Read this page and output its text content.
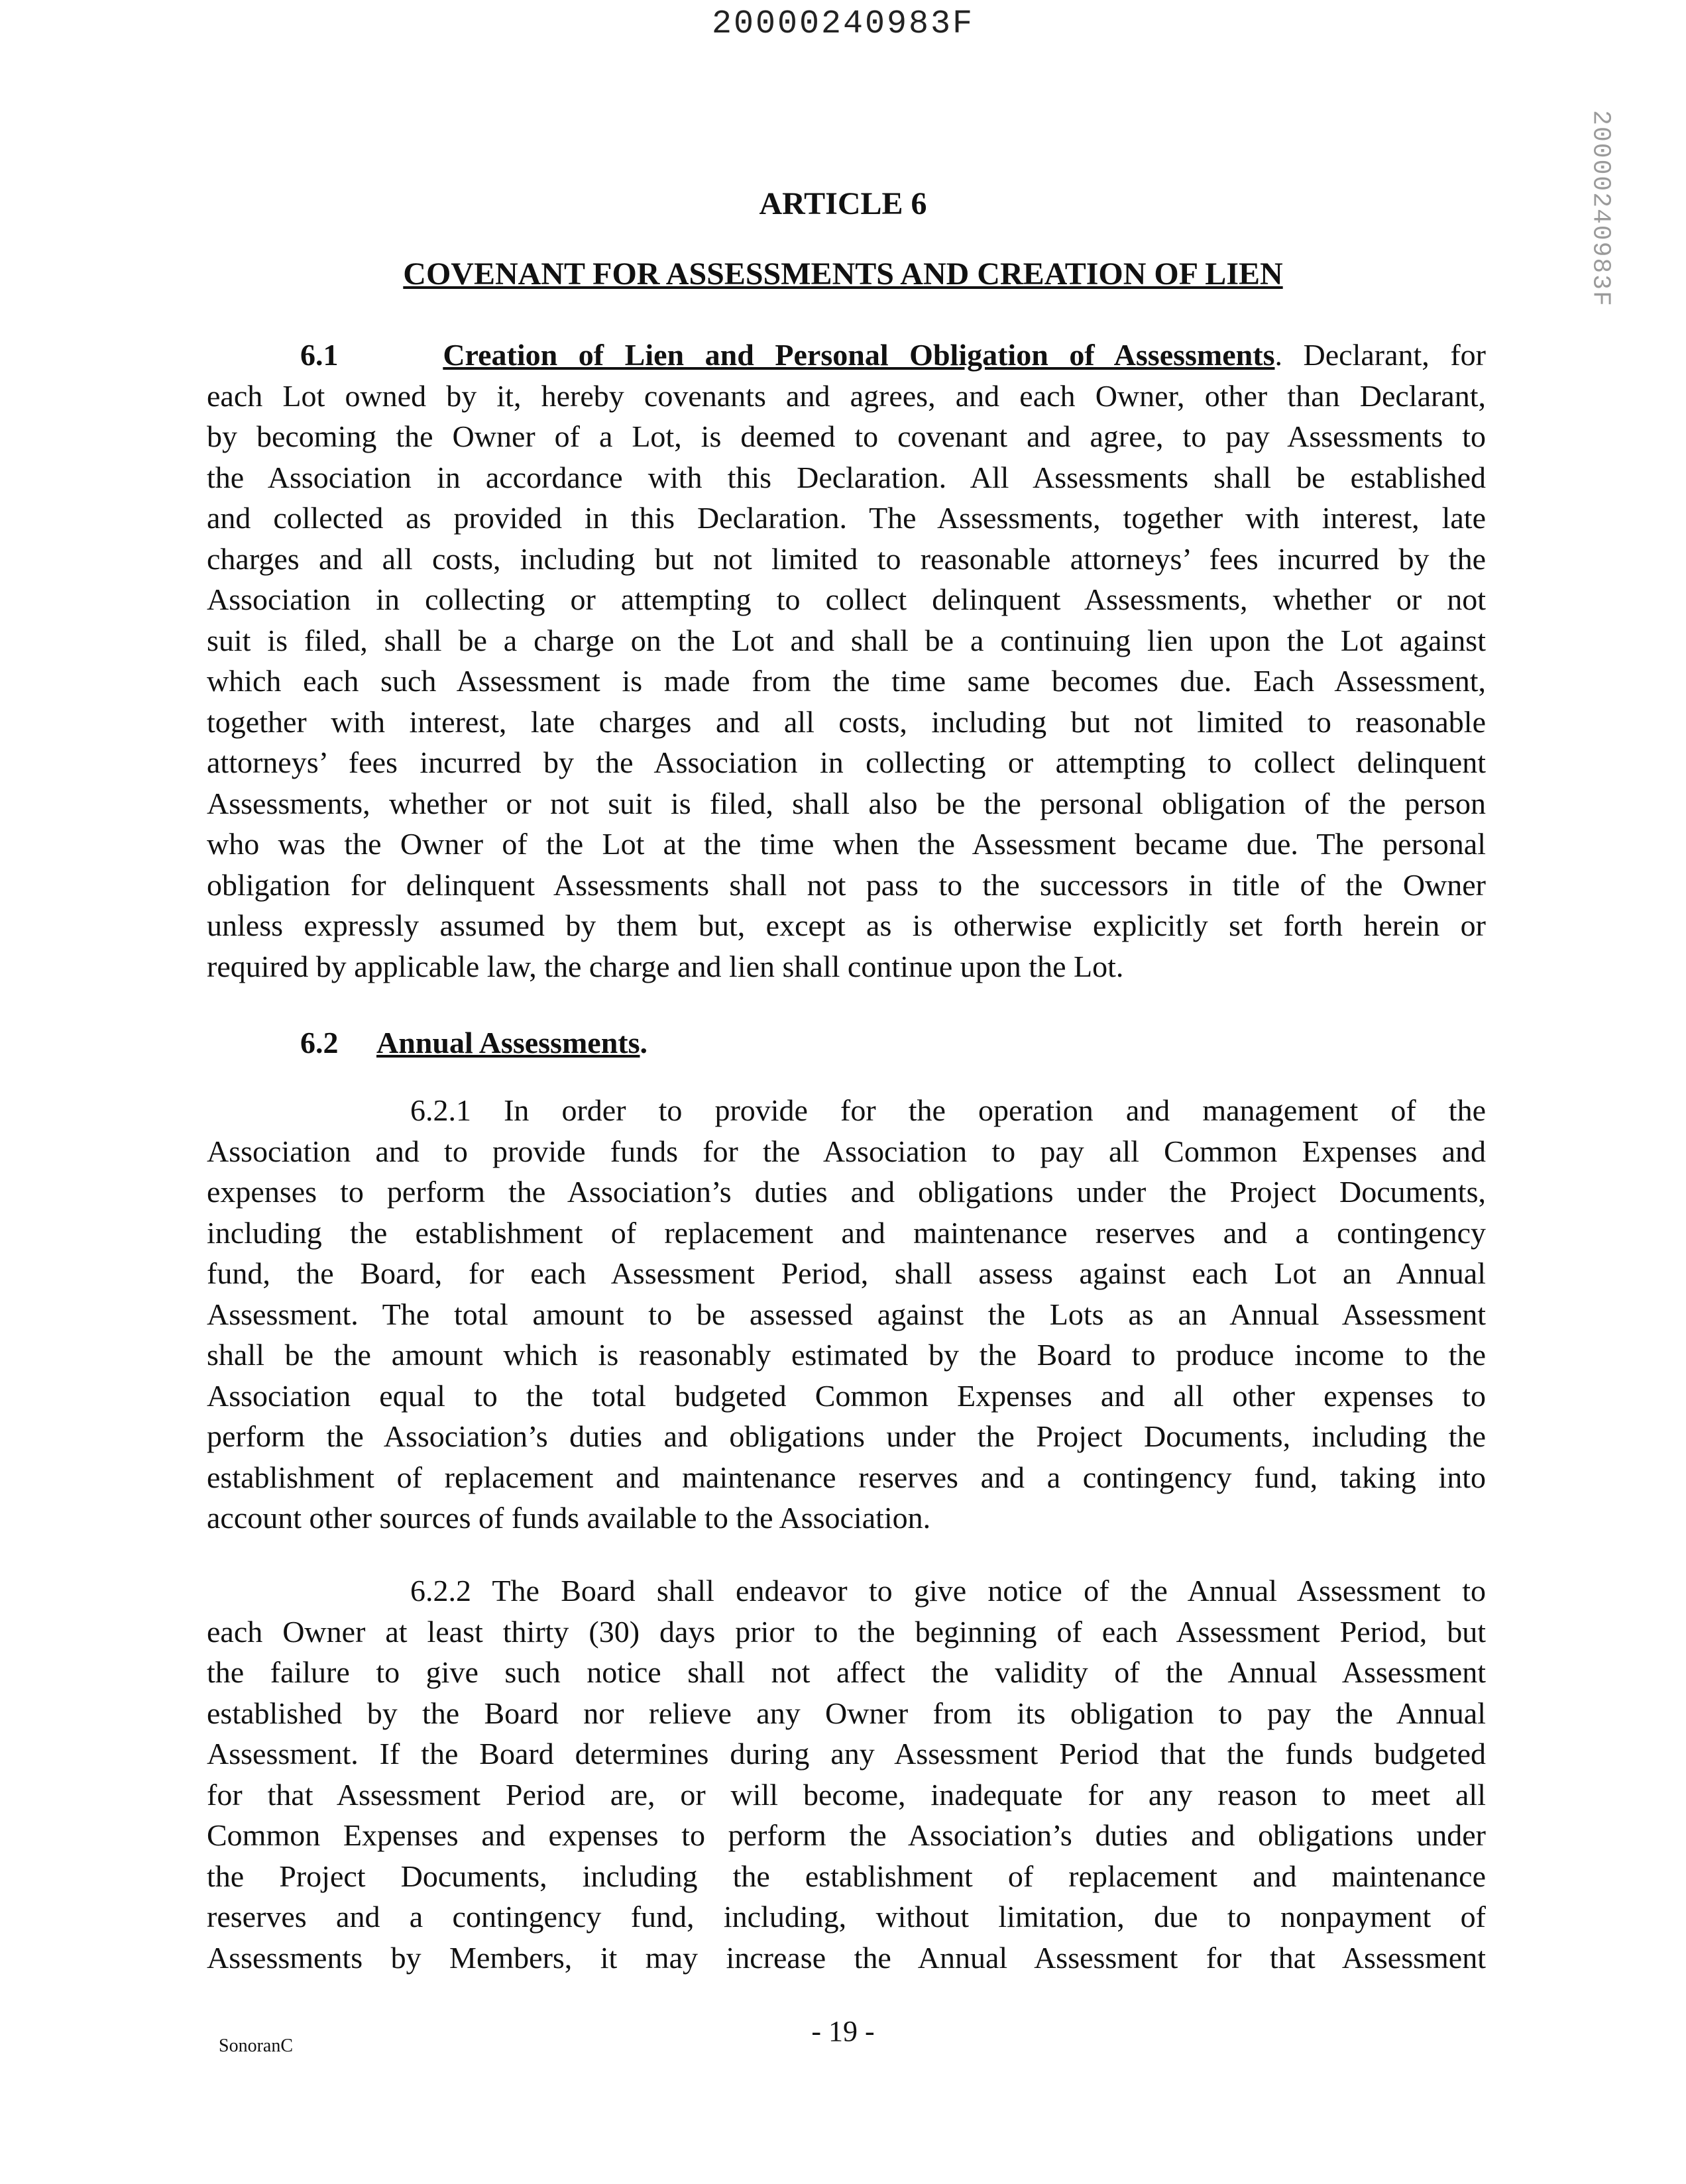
20000240983F
20000240983F
ARTICLE 6
COVENANT FOR ASSESSMENTS AND CREATION OF LIEN
6.1	Creation of Lien and Personal Obligation of Assessments. Declarant, for
each Lot owned by it, hereby covenants and agrees, and each Owner, other than Declarant,
by becoming the Owner of a Lot, is deemed to covenant and agree, to pay Assessments to
the Association in accordance with this Declaration. All Assessments shall be established
and collected as provided in this Declaration. The Assessments, together with interest, late
charges and all costs, including but not limited to reasonable attorneys’ fees incurred by the
Association in collecting or attempting to collect delinquent Assessments, whether or not
suit is filed, shall be a charge on the Lot and shall be a continuing lien upon the Lot against
which each such Assessment is made from the time same becomes due. Each Assessment,
together with interest, late charges and all costs, including but not limited to reasonable
attorneys’ fees incurred by the Association in collecting or attempting to collect delinquent
Assessments, whether or not suit is filed, shall also be the personal obligation of the person
who was the Owner of the Lot at the time when the Assessment became due. The personal
obligation for delinquent Assessments shall not pass to the successors in title of the Owner
unless expressly assumed by them but, except as is otherwise explicitly set forth herein or
required by applicable law, the charge and lien shall continue upon the Lot.
6.2 Annual Assessments.
6.2.1 In order to provide for the operation and management of the
Association and to provide funds for the Association to pay all Common Expenses and
expenses to perform the Association’s duties and obligations under the Project Documents,
including the establishment of replacement and maintenance reserves and a contingency
fund, the Board, for each Assessment Period, shall assess against each Lot an Annual
Assessment. The total amount to be assessed against the Lots as an Annual Assessment
shall be the amount which is reasonably estimated by the Board to produce income to the
Association equal to the total budgeted Common Expenses and all other expenses to
perform the Association’s duties and obligations under the Project Documents, including the
establishment of replacement and maintenance reserves and a contingency fund, taking into
account other sources of funds available to the Association.
6.2.2 The Board shall endeavor to give notice of the Annual Assessment to
each Owner at least thirty (30) days prior to the beginning of each Assessment Period, but
the failure to give such notice shall not affect the validity of the Annual Assessment
established by the Board nor relieve any Owner from its obligation to pay the Annual
Assessment. If the Board determines during any Assessment Period that the funds budgeted
for that Assessment Period are, or will become, inadequate for any reason to meet all
Common Expenses and expenses to perform the Association’s duties and obligations under
the Project Documents, including the establishment of replacement and maintenance
reserves and a contingency fund, including, without limitation, due to nonpayment of
Assessments by Members, it may increase the Annual Assessment for that Assessment
- 19 -
SonoranC
